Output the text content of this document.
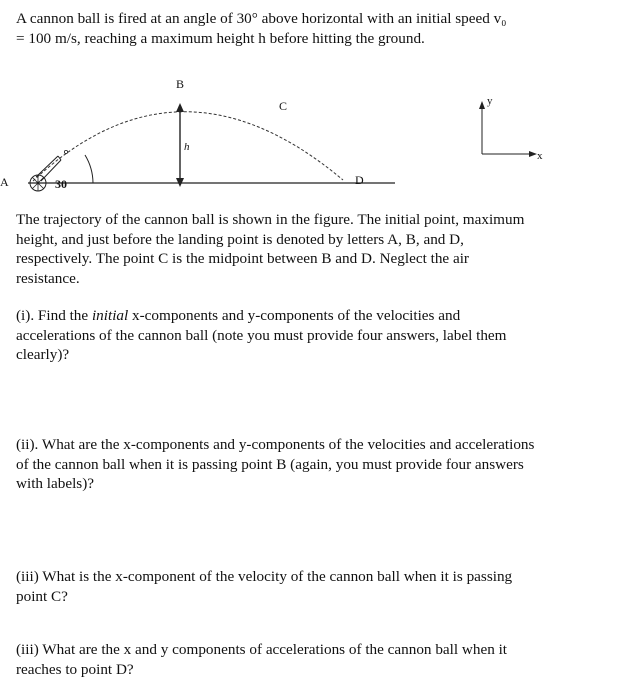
A cannon ball is fired at an angle of 30° above horizontal with an initial speed v₀
= 100 m/s, reaching a maximum height h before hitting the ground.

30
A
h
B
C
D
y
x

The trajectory of the cannon ball is shown in the figure. The initial point, maximum
height, and just before the landing point is denoted by letters A, B, and D,
respectively. The point C is the midpoint between B and D. Neglect the air
resistance.

(i). Find the initial x-components and y-components of the velocities and
accelerations of the cannon ball (note you must provide four answers, label them
clearly)?

(ii). What are the x-components and y-components of the velocities and accelerations
of the cannon ball when it is passing point B (again, you must provide four answers
with labels)?

(iii) What is the x-component of the velocity of the cannon ball when it is passing
point C?

(iii) What are the x and y components of accelerations of the cannon ball when it
reaches to point D?
